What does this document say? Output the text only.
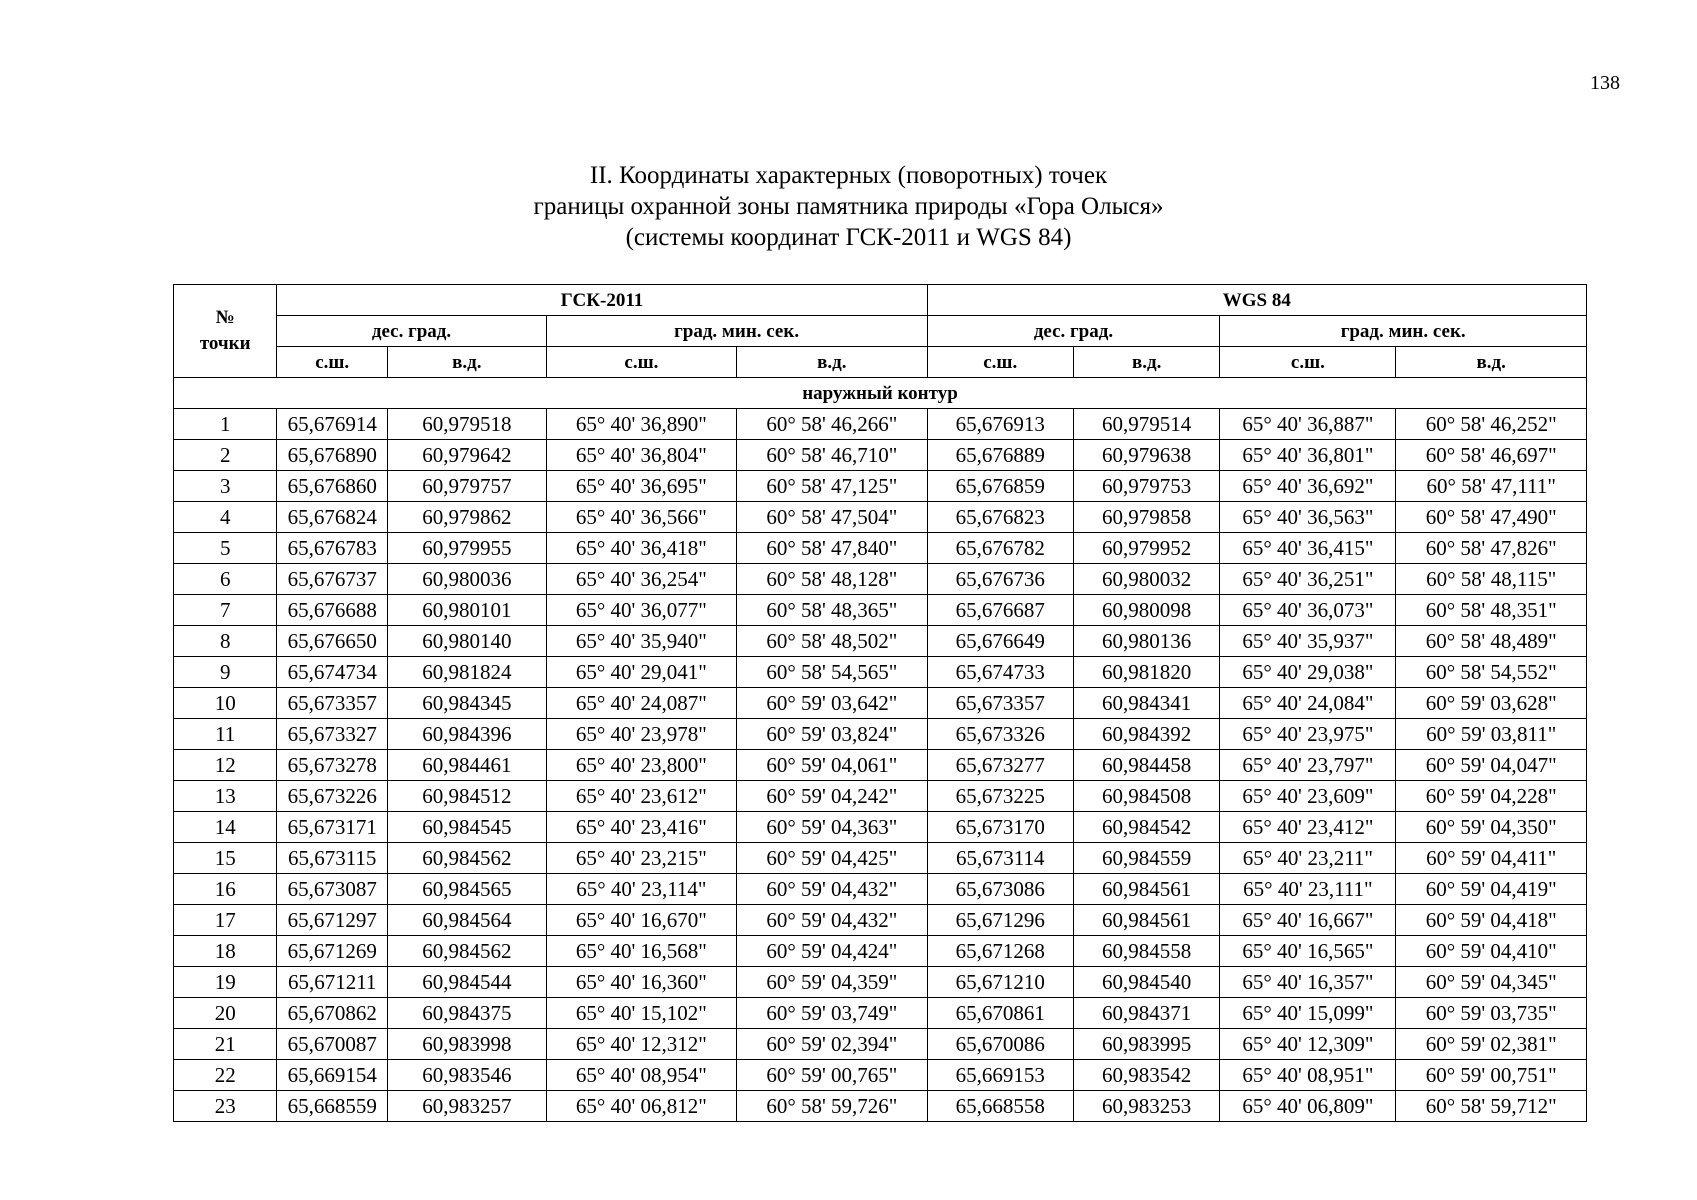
138
II. Координаты характерных (поворотных) точек
границы охранной зоны памятника природы «Гора Олыся»
(системы координат ГСК-2011 и WGS 84)
№
точки	ГСК-2011				WGS 84			
	дес. град.		град. мин. сек.		дес. град.		град. мин. сек.	
	с.ш.	в.д.	с.ш.	в.д.	с.ш.	в.д.	с.ш.	в.д.
наружный контур								
1	65,676914	60,979518	65° 40' 36,890"	60° 58' 46,266"	65,676913	60,979514	65° 40' 36,887"	60° 58' 46,252"
2	65,676890	60,979642	65° 40' 36,804"	60° 58' 46,710"	65,676889	60,979638	65° 40' 36,801"	60° 58' 46,697"
3	65,676860	60,979757	65° 40' 36,695"	60° 58' 47,125"	65,676859	60,979753	65° 40' 36,692"	60° 58' 47,111"
4	65,676824	60,979862	65° 40' 36,566"	60° 58' 47,504"	65,676823	60,979858	65° 40' 36,563"	60° 58' 47,490"
5	65,676783	60,979955	65° 40' 36,418"	60° 58' 47,840"	65,676782	60,979952	65° 40' 36,415"	60° 58' 47,826"
6	65,676737	60,980036	65° 40' 36,254"	60° 58' 48,128"	65,676736	60,980032	65° 40' 36,251"	60° 58' 48,115"
7	65,676688	60,980101	65° 40' 36,077"	60° 58' 48,365"	65,676687	60,980098	65° 40' 36,073"	60° 58' 48,351"
8	65,676650	60,980140	65° 40' 35,940"	60° 58' 48,502"	65,676649	60,980136	65° 40' 35,937"	60° 58' 48,489"
9	65,674734	60,981824	65° 40' 29,041"	60° 58' 54,565"	65,674733	60,981820	65° 40' 29,038"	60° 58' 54,552"
10	65,673357	60,984345	65° 40' 24,087"	60° 59' 03,642"	65,673357	60,984341	65° 40' 24,084"	60° 59' 03,628"
11	65,673327	60,984396	65° 40' 23,978"	60° 59' 03,824"	65,673326	60,984392	65° 40' 23,975"	60° 59' 03,811"
12	65,673278	60,984461	65° 40' 23,800"	60° 59' 04,061"	65,673277	60,984458	65° 40' 23,797"	60° 59' 04,047"
13	65,673226	60,984512	65° 40' 23,612"	60° 59' 04,242"	65,673225	60,984508	65° 40' 23,609"	60° 59' 04,228"
14	65,673171	60,984545	65° 40' 23,416"	60° 59' 04,363"	65,673170	60,984542	65° 40' 23,412"	60° 59' 04,350"
15	65,673115	60,984562	65° 40' 23,215"	60° 59' 04,425"	65,673114	60,984559	65° 40' 23,211"	60° 59' 04,411"
16	65,673087	60,984565	65° 40' 23,114"	60° 59' 04,432"	65,673086	60,984561	65° 40' 23,111"	60° 59' 04,419"
17	65,671297	60,984564	65° 40' 16,670"	60° 59' 04,432"	65,671296	60,984561	65° 40' 16,667"	60° 59' 04,418"
18	65,671269	60,984562	65° 40' 16,568"	60° 59' 04,424"	65,671268	60,984558	65° 40' 16,565"	60° 59' 04,410"
19	65,671211	60,984544	65° 40' 16,360"	60° 59' 04,359"	65,671210	60,984540	65° 40' 16,357"	60° 59' 04,345"
20	65,670862	60,984375	65° 40' 15,102"	60° 59' 03,749"	65,670861	60,984371	65° 40' 15,099"	60° 59' 03,735"
21	65,670087	60,983998	65° 40' 12,312"	60° 59' 02,394"	65,670086	60,983995	65° 40' 12,309"	60° 59' 02,381"
22	65,669154	60,983546	65° 40' 08,954"	60° 59' 00,765"	65,669153	60,983542	65° 40' 08,951"	60° 59' 00,751"
23	65,668559	60,983257	65° 40' 06,812"	60° 58' 59,726"	65,668558	60,983253	65° 40' 06,809"	60° 58' 59,712"
